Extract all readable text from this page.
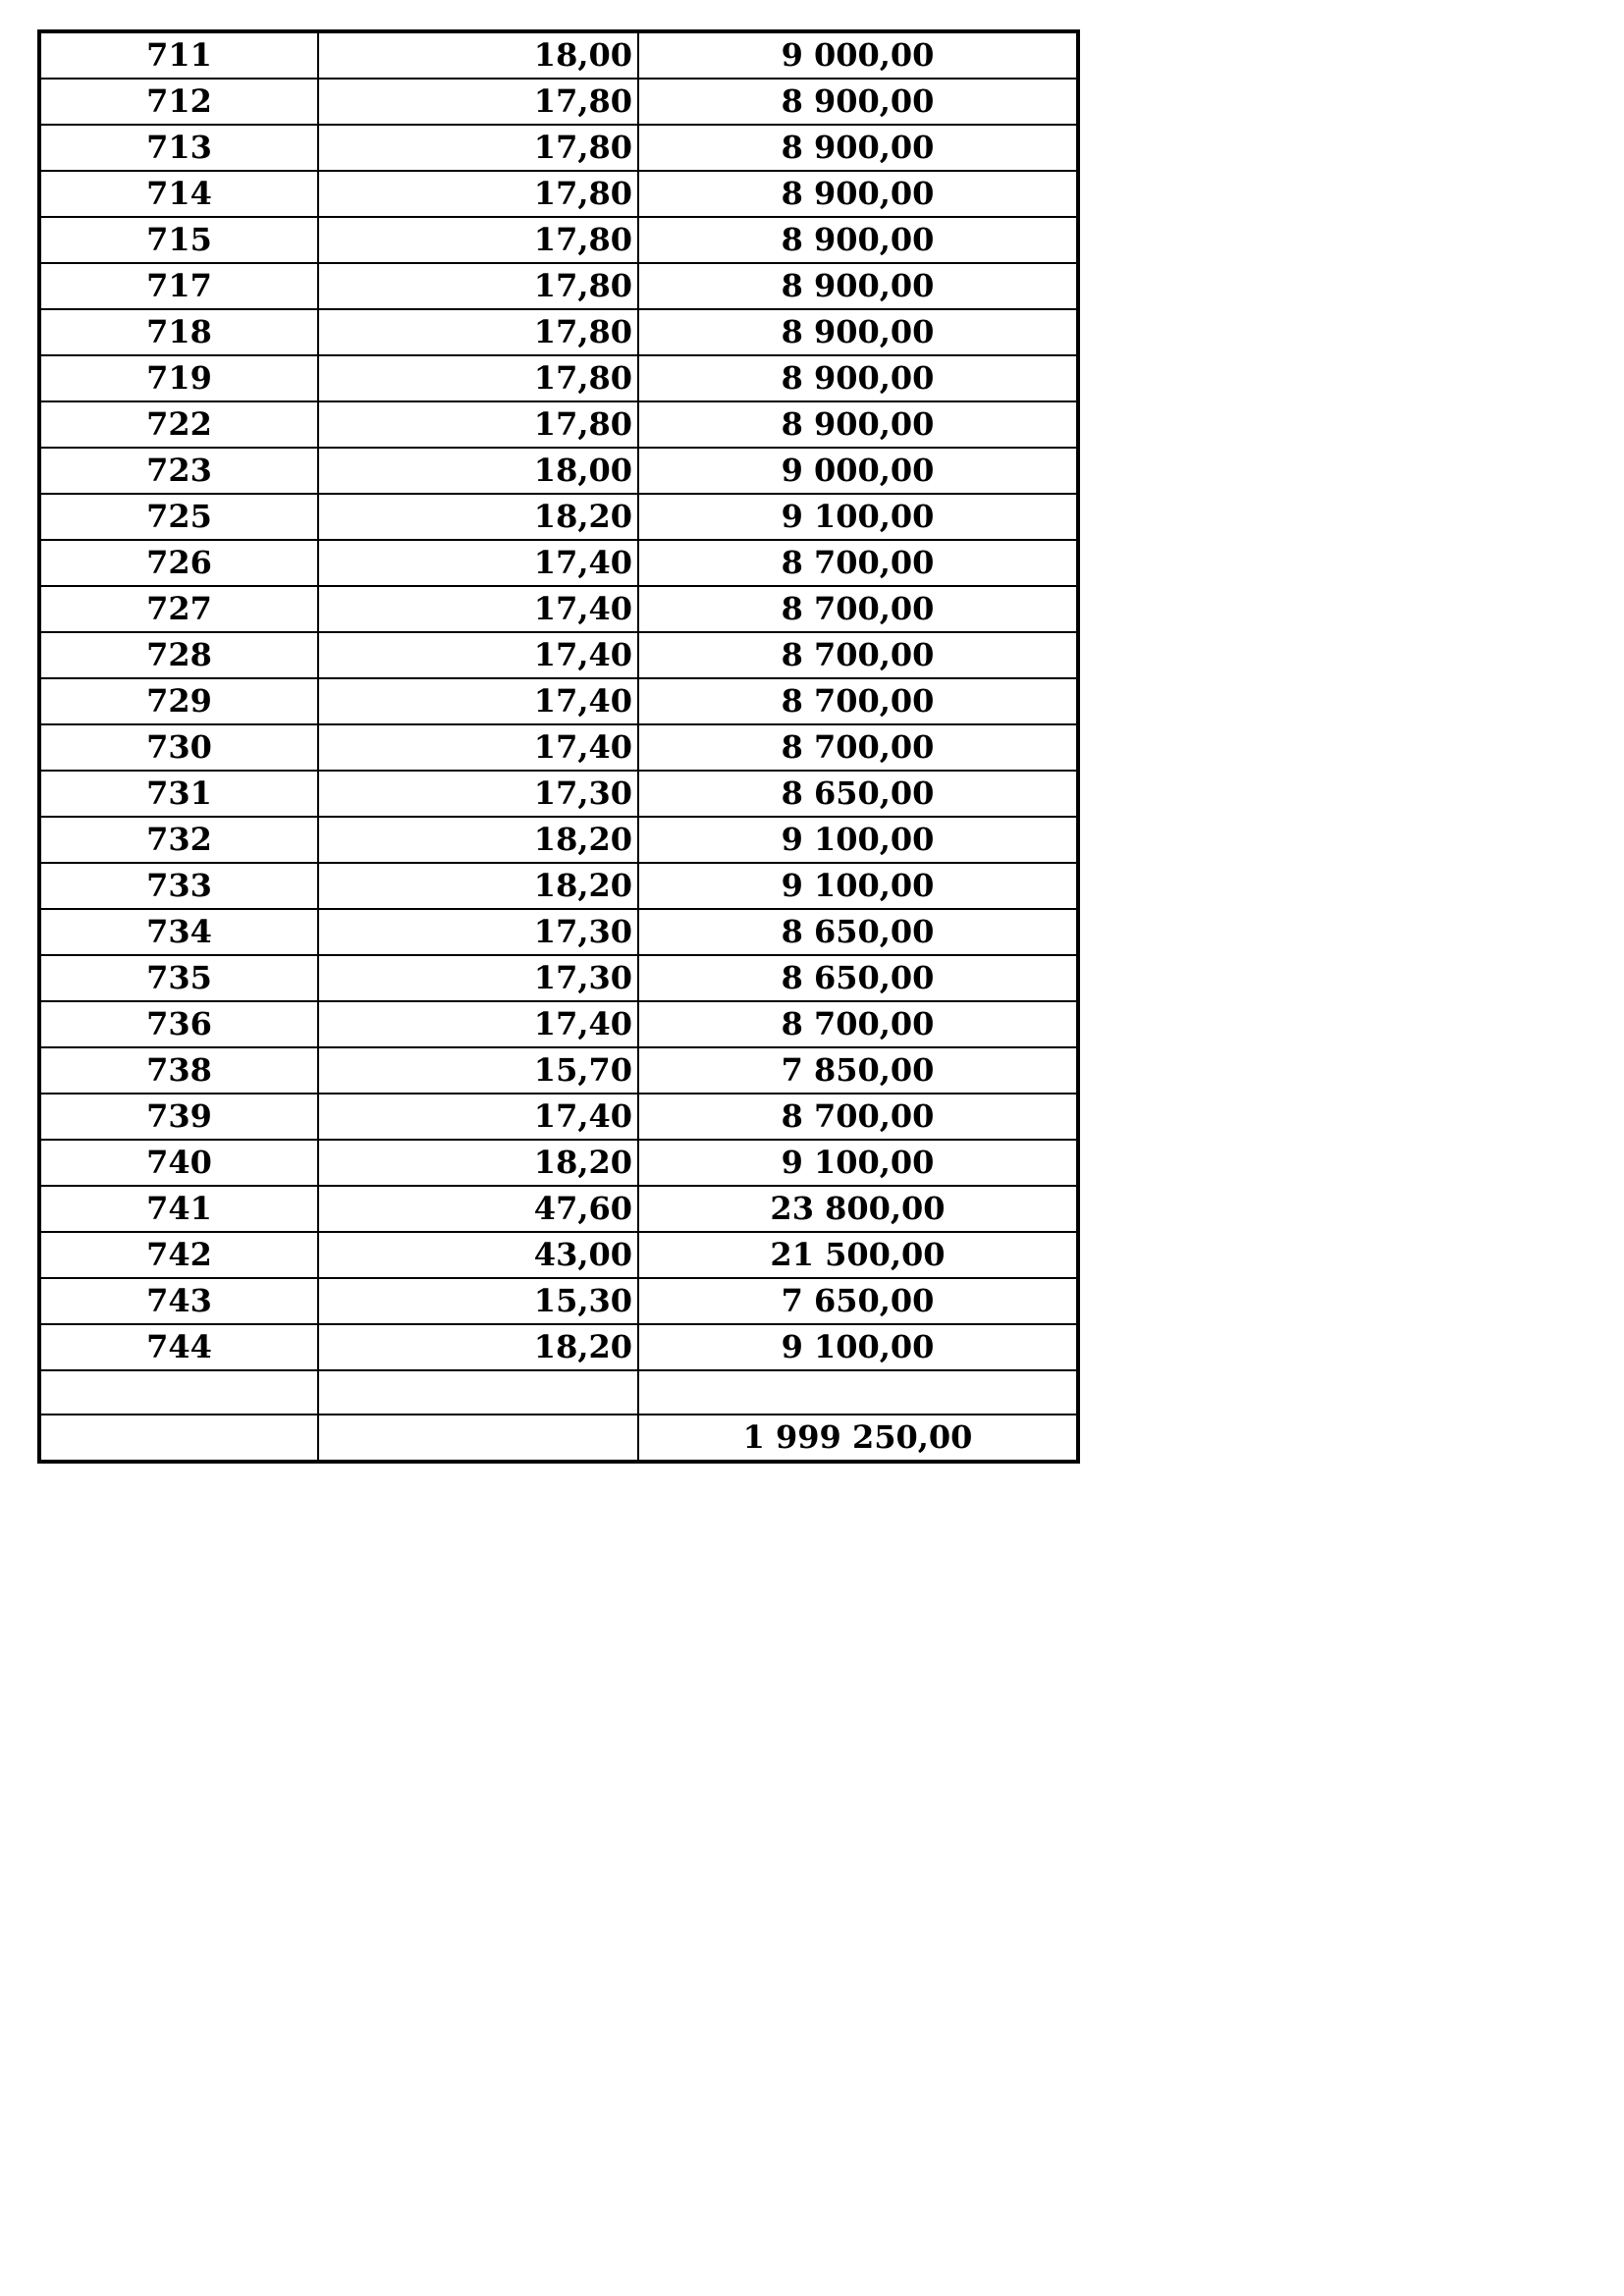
711	18,00	9 000,00
712	17,80	8 900,00
713	17,80	8 900,00
714	17,80	8 900,00
715	17,80	8 900,00
717	17,80	8 900,00
718	17,80	8 900,00
719	17,80	8 900,00
722	17,80	8 900,00
723	18,00	9 000,00
725	18,20	9 100,00
726	17,40	8 700,00
727	17,40	8 700,00
728	17,40	8 700,00
729	17,40	8 700,00
730	17,40	8 700,00
731	17,30	8 650,00
732	18,20	9 100,00
733	18,20	9 100,00
734	17,30	8 650,00
735	17,30	8 650,00
736	17,40	8 700,00
738	15,70	7 850,00
739	17,40	8 700,00
740	18,20	9 100,00
741	47,60	23 800,00
742	43,00	21 500,00
743	15,30	7 650,00
744	18,20	9 100,00

		1 999 250,00
